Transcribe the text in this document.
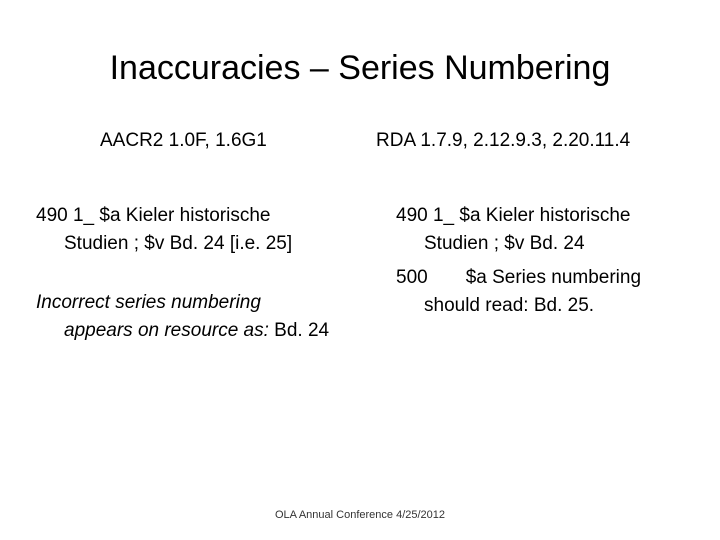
Inaccuracies – Series Numbering
AACR2 1.0F, 1.6G1	RDA 1.7.9, 2.12.9.3, 2.20.11.4
490 1_ $a Kieler historische
Studien ; $v Bd. 24 [i.e. 25]
Incorrect series numbering
appears on resource as: Bd. 24
490 1_ $a Kieler historische
Studien ; $v Bd. 24
500 $a Series numbering
should read: Bd. 25.
OLA Annual Conference 4/25/2012
